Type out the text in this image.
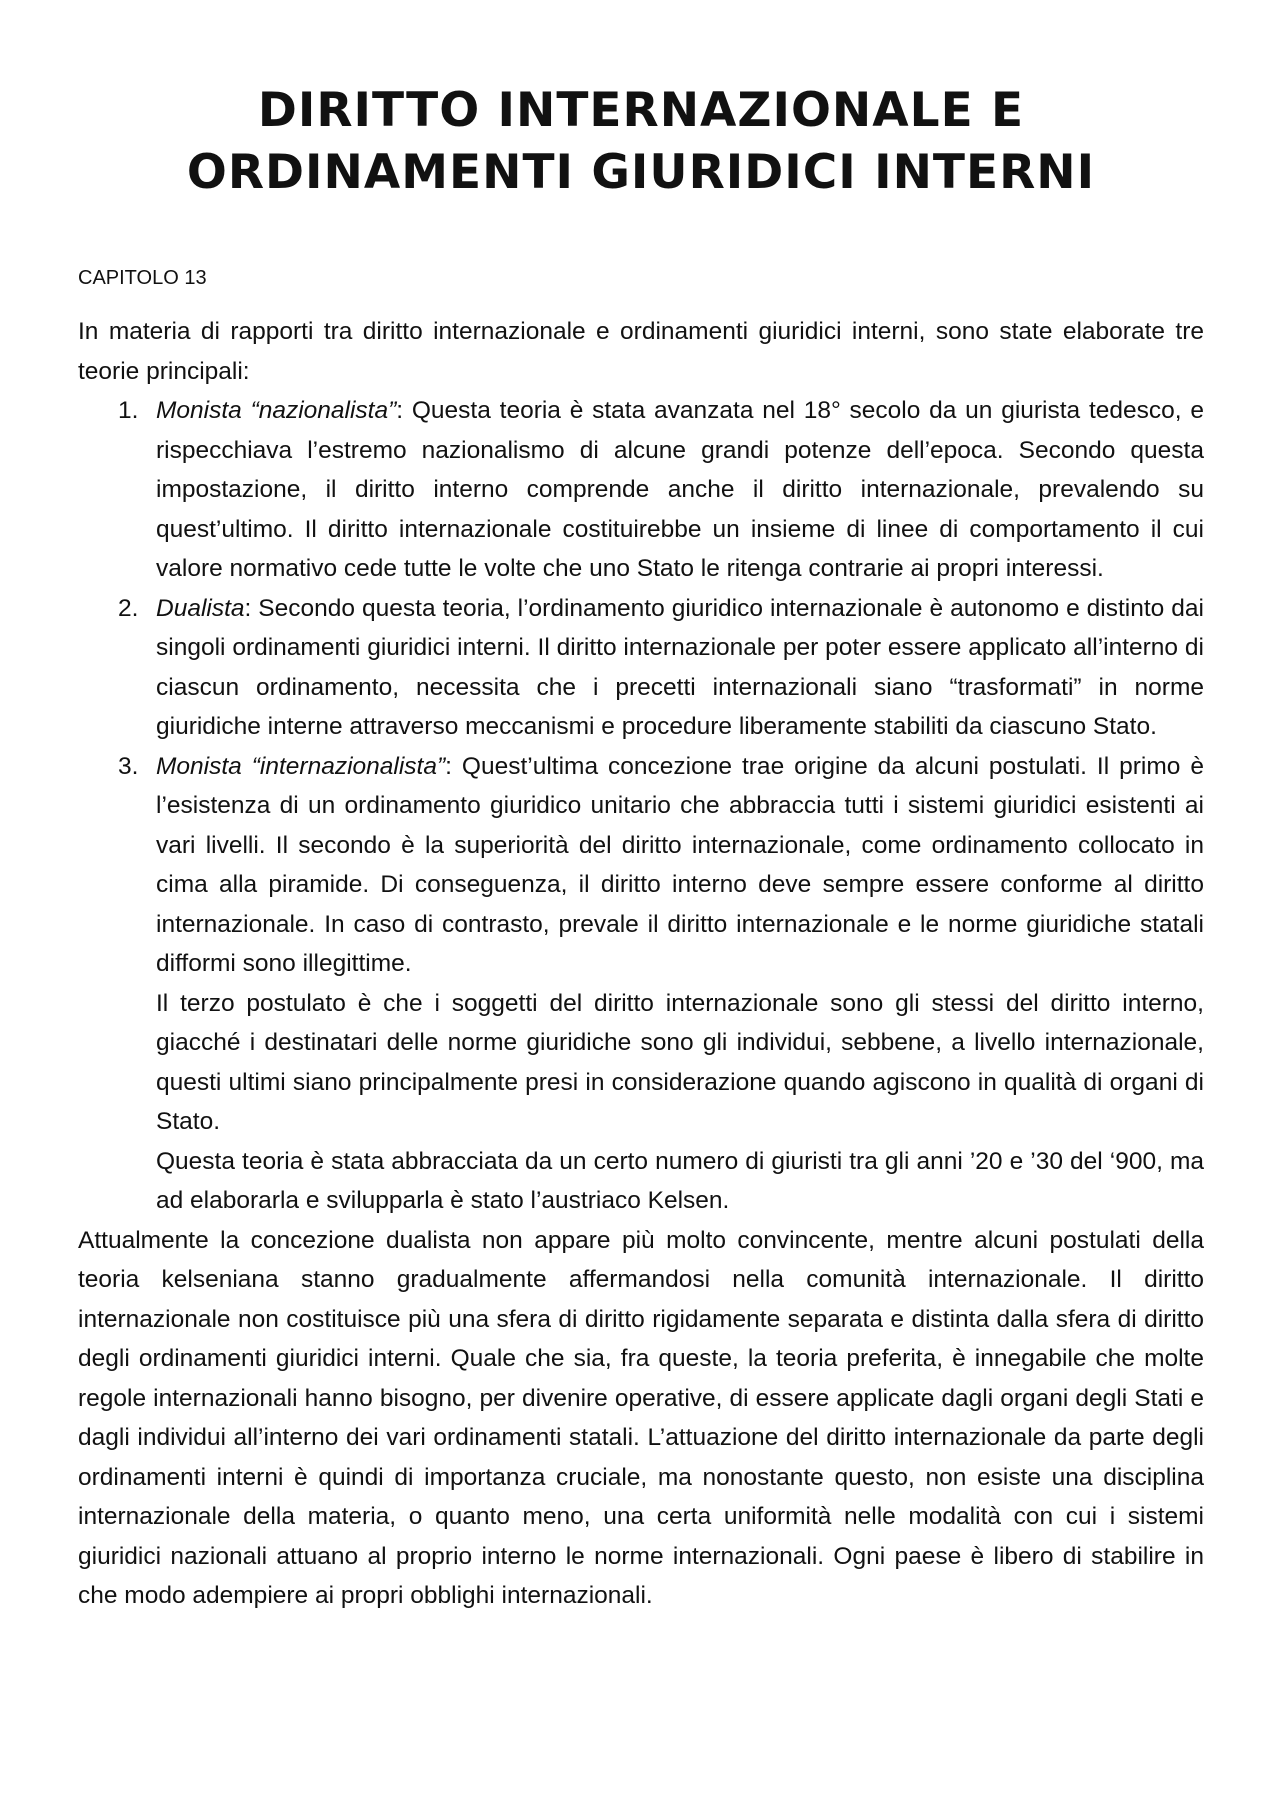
DIRITTO INTERNAZIONALE E
ORDINAMENTI GIURIDICI INTERNI
CAPITOLO 13

In materia di rapporti tra diritto internazionale e ordinamenti giuridici interni, sono state elaborate tre teorie principali:

1. Monista “nazionalista”: Questa teoria è stata avanzata nel 18° secolo da un giurista tedesco, e rispecchiava l’estremo nazionalismo di alcune grandi potenze dell’epoca. Secondo questa impostazione, il diritto interno comprende anche il diritto internazionale, prevalendo su quest’ultimo. Il diritto internazionale costituirebbe un insieme di linee di comportamento il cui valore normativo cede tutte le volte che uno Stato le ritenga contrarie ai propri interessi.
2. Dualista: Secondo questa teoria, l’ordinamento giuridico internazionale è autonomo e distinto dai singoli ordinamenti giuridici interni. Il diritto internazionale per poter essere applicato all’interno di ciascun ordinamento, necessita che i precetti internazionali siano “trasformati” in norme giuridiche interne attraverso meccanismi e procedure liberamente stabiliti da ciascuno Stato.
3. Monista “internazionalista”: Quest’ultima concezione trae origine da alcuni postulati. Il primo è l’esistenza di un ordinamento giuridico unitario che abbraccia tutti i sistemi giuridici esistenti ai vari livelli. Il secondo è la superiorità del diritto internazionale, come ordinamento collocato in cima alla piramide. Di conseguenza, il diritto interno deve sempre essere conforme al diritto internazionale. In caso di contrasto, prevale il diritto internazionale e le norme giuridiche statali difformi sono illegittime.

Il terzo postulato è che i soggetti del diritto internazionale sono gli stessi del diritto interno, giacché i destinatari delle norme giuridiche sono gli individui, sebbene, a livello internazionale, questi ultimi siano principalmente presi in considerazione quando agiscono in qualità di organi di Stato.

Questa teoria è stata abbracciata da un certo numero di giuristi tra gli anni ’20 e ’30 del ‘900, ma ad elaborarla e svilupparla è stato l’austriaco Kelsen.

Attualmente la concezione dualista non appare più molto convincente, mentre alcuni postulati della teoria kelseniana stanno gradualmente affermandosi nella comunità internazionale. Il diritto internazionale non costituisce più una sfera di diritto rigidamente separata e distinta dalla sfera di diritto degli ordinamenti giuridici interni. Quale che sia, fra queste, la teoria preferita, è innegabile che molte regole internazionali hanno bisogno, per divenire operative, di essere applicate dagli organi degli Stati e dagli individui all’interno dei vari ordinamenti statali. L’attuazione del diritto internazionale da parte degli ordinamenti interni è quindi di importanza cruciale, ma nonostante questo, non esiste una disciplina internazionale della materia, o quanto meno, una certa uniformità nelle modalità con cui i sistemi giuridici nazionali attuano al proprio interno le norme internazionali. Ogni paese è libero di stabilire in che modo adempiere ai propri obblighi internazionali.
